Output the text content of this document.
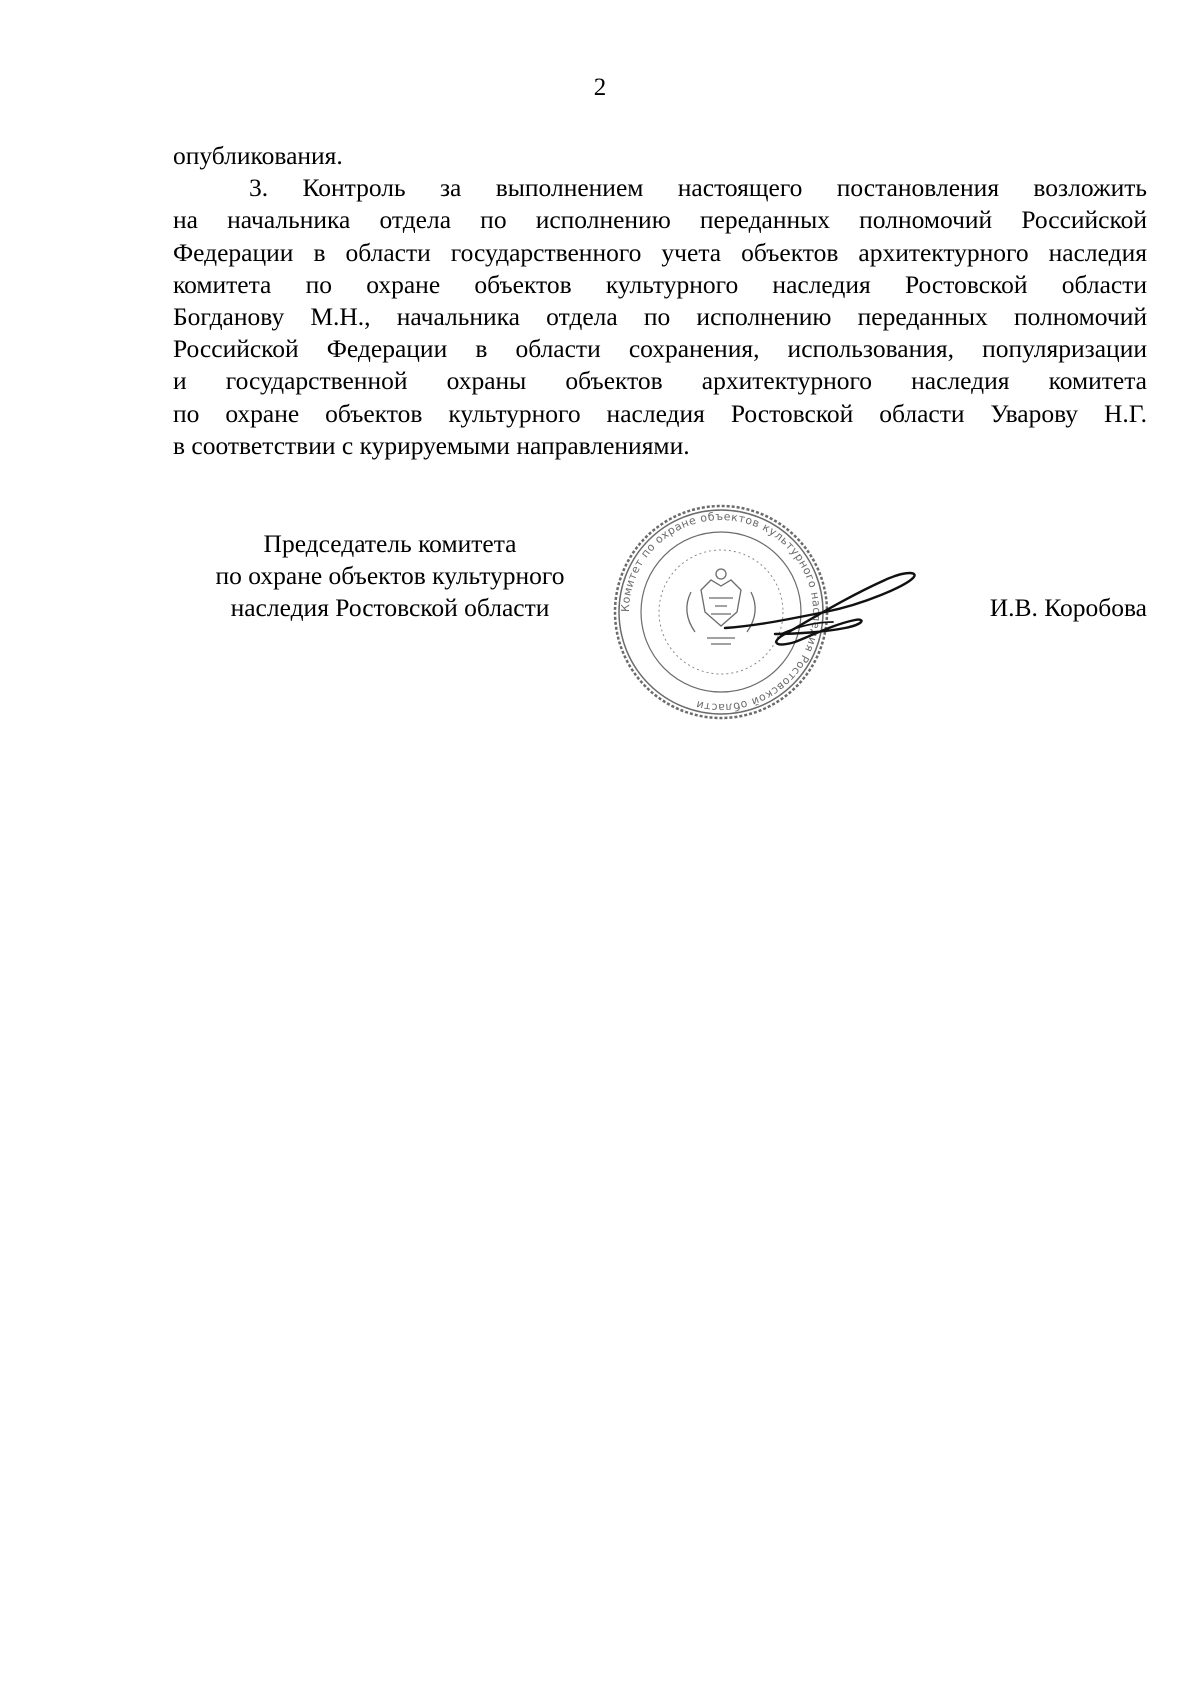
2

опубликования.

3. Контроль за выполнением настоящего постановления возложить

на начальника отдела по исполнению переданных полномочий Российской

Федерации в области государственного учета объектов архитектурного наследия

комитета по охране объектов культурного наследия Ростовской области

Богданову М.Н., начальника отдела по исполнению переданных полномочий

Российской Федерации в области сохранения, использования, популяризации

и государственной охраны объектов архитектурного наследия комитета

по охране объектов культурного наследия Ростовской области Уварову Н.Г.

в соответствии с курируемыми направлениями.

Председатель комитета
по охране объектов культурного
наследия Ростовской области	Комитет по охране объектов культурного наследия Ростовской области
И.В. Коробова
